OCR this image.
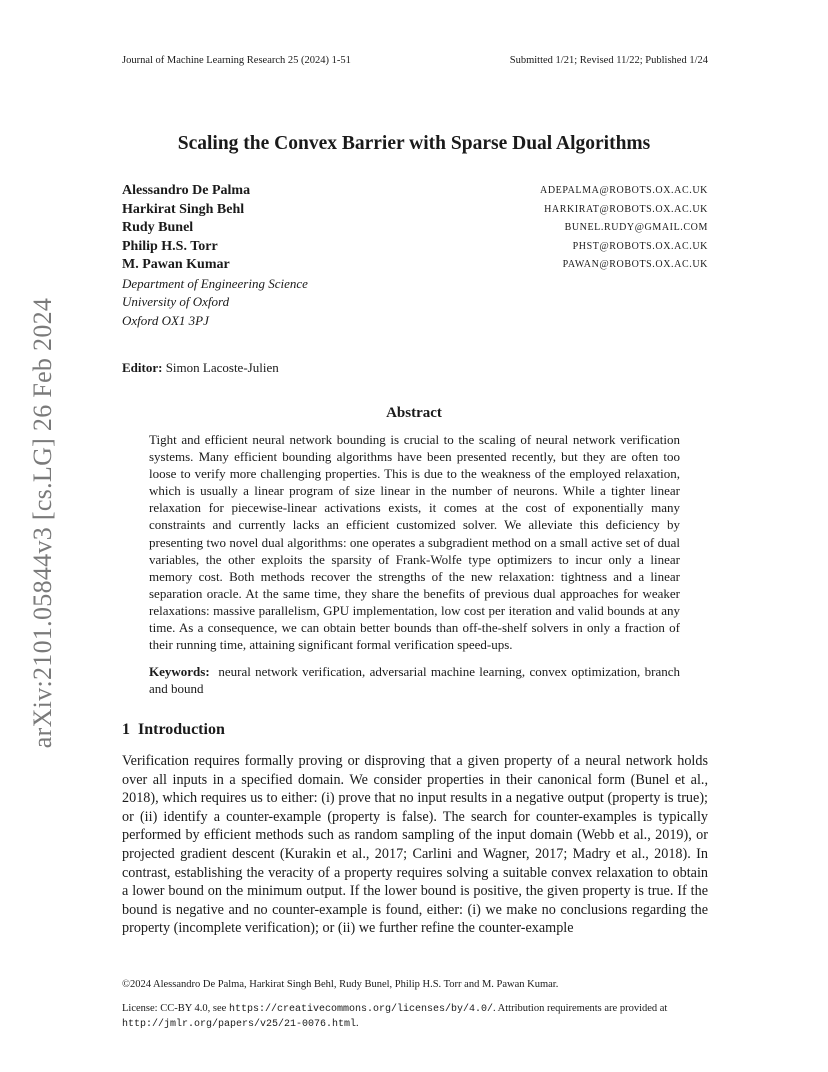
Journal of Machine Learning Research 25 (2024) 1-51	Submitted 1/21; Revised 11/22; Published 1/24
Scaling the Convex Barrier with Sparse Dual Algorithms
Alessandro De Palma	ADEPALMA@ROBOTS.OX.AC.UK
Harkirat Singh Behl	HARKIRAT@ROBOTS.OX.AC.UK
Rudy Bunel	BUNEL.RUDY@GMAIL.COM
Philip H.S. Torr	PHST@ROBOTS.OX.AC.UK
M. Pawan Kumar	PAWAN@ROBOTS.OX.AC.UK
Department of Engineering Science
University of Oxford
Oxford OX1 3PJ
Editor: Simon Lacoste-Julien
Abstract
Tight and efficient neural network bounding is crucial to the scaling of neural network verification systems. Many efficient bounding algorithms have been presented recently, but they are often too loose to verify more challenging properties. This is due to the weakness of the employed relaxation, which is usually a linear program of size linear in the number of neurons. While a tighter linear relaxation for piecewise-linear activations exists, it comes at the cost of exponentially many constraints and currently lacks an efficient customized solver. We alleviate this deficiency by presenting two novel dual algorithms: one operates a subgradient method on a small active set of dual variables, the other exploits the sparsity of Frank-Wolfe type optimizers to incur only a linear memory cost. Both methods recover the strengths of the new relaxation: tightness and a linear separation oracle. At the same time, they share the benefits of previous dual approaches for weaker relaxations: massive parallelism, GPU implementation, low cost per iteration and valid bounds at any time. As a consequence, we can obtain better bounds than off-the-shelf solvers in only a fraction of their running time, attaining significant formal verification speed-ups.
Keywords: neural network verification, adversarial machine learning, convex optimization, branch and bound
1 Introduction
Verification requires formally proving or disproving that a given property of a neural network holds over all inputs in a specified domain. We consider properties in their canonical form (Bunel et al., 2018), which requires us to either: (i) prove that no input results in a negative output (property is true); or (ii) identify a counter-example (property is false). The search for counter-examples is typically performed by efficient methods such as random sampling of the input domain (Webb et al., 2019), or projected gradient descent (Kurakin et al., 2017; Carlini and Wagner, 2017; Madry et al., 2018). In contrast, establishing the veracity of a property requires solving a suitable convex relaxation to obtain a lower bound on the minimum output. If the lower bound is positive, the given property is true. If the bound is negative and no counter-example is found, either: (i) we make no conclusions regarding the property (incomplete verification); or (ii) we further refine the counter-example

©2024 Alessandro De Palma, Harkirat Singh Behl, Rudy Bunel, Philip H.S. Torr and M. Pawan Kumar.

License: CC-BY 4.0, see https://creativecommons.org/licenses/by/4.0/. Attribution requirements are provided at http://jmlr.org/papers/v25/21-0076.html.

arXiv:2101.05844v3 [cs.LG] 26 Feb 2024
